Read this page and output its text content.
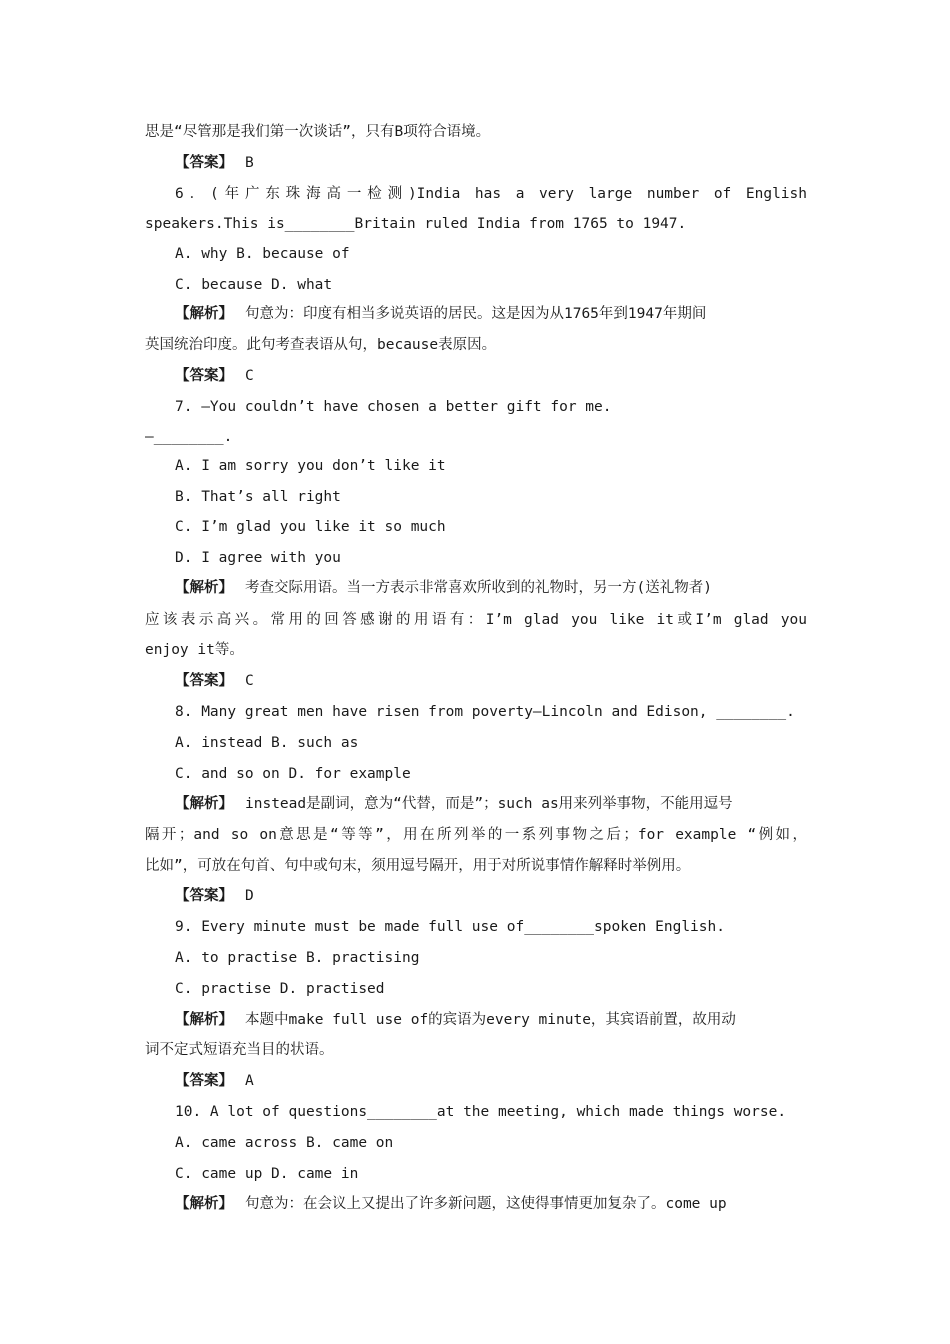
思是“尽管那是我们第一次谈话”，只有B项符合语境。
【答案】 B
6．(年广东珠海高一检测)India has a very large number of English
speakers.This is________Britain ruled India from 1765 to 1947.
A. why B. because of
C. because D. what
【解析】 句意为：印度有相当多说英语的居民。这是因为从1765年到1947年期间
英国统治印度。此句考查表语从句，because表原因。
【答案】 C
7. —You couldn’t have chosen a better gift for me.
—________.
A. I am sorry you don’t like it
B. That’s all right
C. I’m glad you like it so much
D. I agree with you
【解析】 考查交际用语。当一方表示非常喜欢所收到的礼物时，另一方(送礼物者)
应该表示高兴。常用的回答感谢的用语有：I’m glad you like it或I’m glad you
enjoy it等。
【答案】 C
8. Many great men have risen from poverty—Lincoln and Edison, ________.
A. instead B. such as
C. and so on D. for example
【解析】 instead是副词，意为“代替，而是”；such as用来列举事物，不能用逗号
隔开；and so on意思是“等等”，用在所列举的一系列事物之后；for example “例如，
比如”，可放在句首、句中或句末，须用逗号隔开，用于对所说事情作解释时举例用。
【答案】 D
9. Every minute must be made full use of________spoken English.
A. to practise B. practising
C. practise D. practised
【解析】 本题中make full use of的宾语为every minute，其宾语前置，故用动
词不定式短语充当目的状语。
【答案】 A
10. A lot of questions________at the meeting, which made things worse.
A. came across B. came on
C. came up D. came in
【解析】 句意为：在会议上又提出了许多新问题，这使得事情更加复杂了。come up
